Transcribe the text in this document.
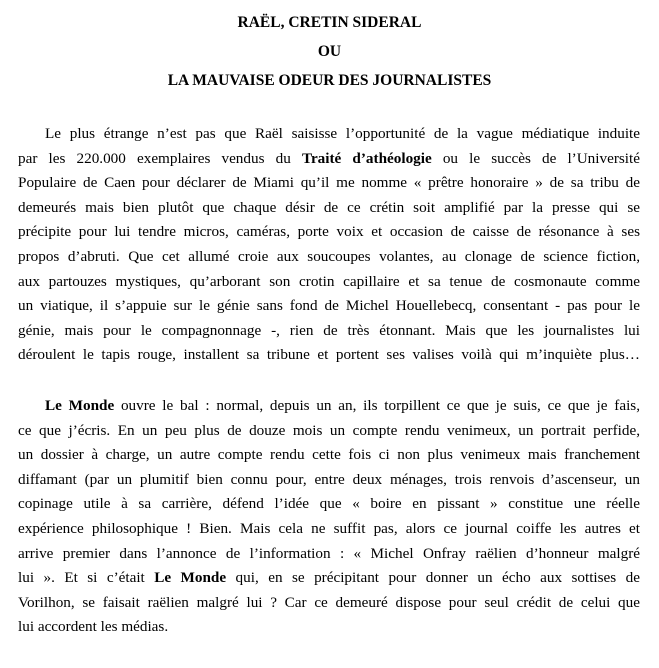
RAËL, CRETIN SIDERAL
OU
LA MAUVAISE ODEUR DES JOURNALISTES
Le plus étrange n’est pas que Raël saisisse l’opportunité de la vague médiatique induite
par les 220.000 exemplaires vendus du Traité d’athéologie ou le succès de l’Université
Populaire de Caen pour déclarer de Miami qu’il me nomme « prêtre honoraire » de sa tribu de
demeurés mais bien plutôt que chaque désir de ce crétin soit amplifié par la presse qui se
précipite pour lui tendre micros, caméras, porte voix et occasion de caisse de résonance à ses
propos d’abruti. Que cet allumé croie aux soucoupes volantes, au clonage de science fiction,
aux partouzes mystiques, qu’arborant son crotin capillaire et sa tenue de cosmonaute comme
un viatique, il s’appuie sur le génie sans fond de Michel Houellebecq, consentant - pas pour le
génie, mais pour le compagnonnage -, rien de très étonnant. Mais que les journalistes lui
déroulent le tapis rouge, installent sa tribune et portent ses valises voilà qui m’inquiète plus…
Le Monde ouvre le bal : normal, depuis un an, ils torpillent ce que je suis, ce que je fais,
ce que j’écris. En un peu plus de douze mois un compte rendu venimeux, un portrait perfide,
un dossier à charge, un autre compte rendu cette fois ci non plus venimeux mais franchement
diffamant (par un plumitif bien connu pour, entre deux ménages, trois renvois d’ascenseur, un
copinage utile à sa carrière, défend l’idée que « boire en pissant » constitue une réelle
expérience philosophique ! Bien. Mais cela ne suffit pas, alors ce journal coiffe les autres et
arrive premier dans l’annonce de l’information : « Michel Onfray raëlien d’honneur malgré
lui ». Et si c’était Le Monde qui, en se précipitant pour donner un écho aux sottises de
Vorilhon, se faisait raëlien malgré lui ? Car ce demeuré dispose pour seul crédit de celui que
lui accordent les médias.
